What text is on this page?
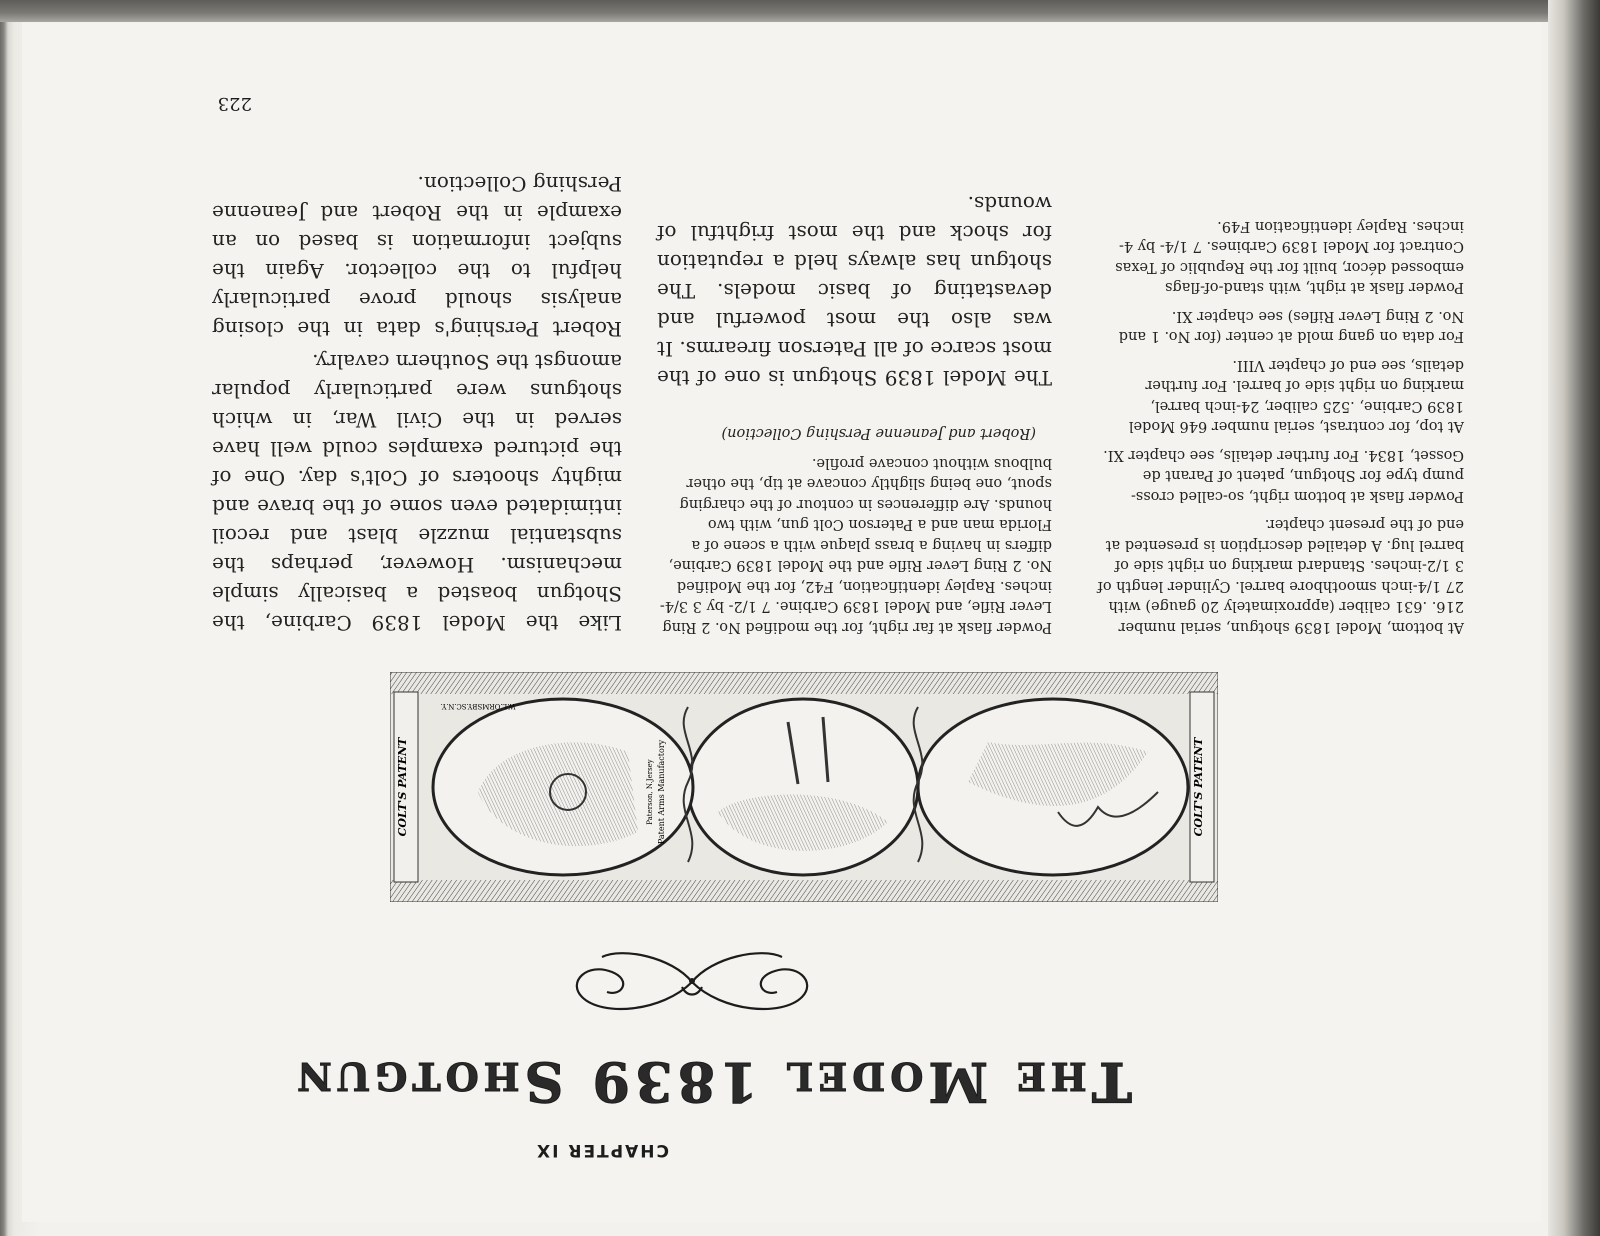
CHAPTER IX
The Model 1839 Shotgun
COLT'S PATENT
COLT'S PATENT	Patent Arms Manufactory
Paterson, N.Jersey
W.L.ORMSBY.SC.N.Y.

At bottom, Model 1839 shotgun, serial number 216. .631 caliber (approximately 20 gauge) with 27 1/4-inch smoothbore barrel. Cylinder length of 3 1/2-inches. Standard marking on right side of barrel lug. A detailed description is presented at end of the present chapter.

Powder flask at bottom right, so-called cross-pump type for Shotgun, patent of Parant de Gosset, 1834. For further details, see chapter XI.

At top, for contrast, serial number 646 Model 1839 Carbine, .525 caliber, 24-inch barrel, marking on right side of barrel. For further details, see end of chapter VIII.

For data on gang mold at center (for No. 1 and No. 2 Ring Lever Rifles) see chapter XI.

Powder flask at right, with stand-of-flags embossed décor, built for the Republic of Texas Contract for Model 1839 Carbines. 7 1/4- by 4-inches. Rapley identification F49.

Powder flask at far right, for the modified No. 2 Ring Lever Rifle, and Model 1839 Carbine. 7 1/2- by 3 3/4-inches. Rapley identification, F42, for the Modified No. 2 Ring Lever Rifle and the Model 1839 Carbine, differs in having a brass plaque with a scene of a Florida man and a Paterson Colt gun, with two hounds. Are differences in contour of the charging spout, one being slightly concave at tip, the other bulbous without concave profile.
(Robert and Jeanenne Pershing Collection)
The Model 1839 Shotgun is one of the most scarce of all Paterson firearms. It was also the most powerful and devastating of basic models. The shotgun has always held a reputation for shock and the most frightful of wounds.
Like the Model 1839 Carbine, the Shotgun boasted a basically simple mechanism. However, perhaps the substantial muzzle blast and recoil intimidated even some of the brave and mighty shooters of Colt's day. One of the pictured examples could well have served in the Civil War, in which shotguns were particularly popular amongst the Southern cavalry.
Robert Pershing's data in the closing analysis should prove particularly helpful to the collector. Again the subject information is based on an example in the Robert and Jeanenne Pershing Collection.
223
